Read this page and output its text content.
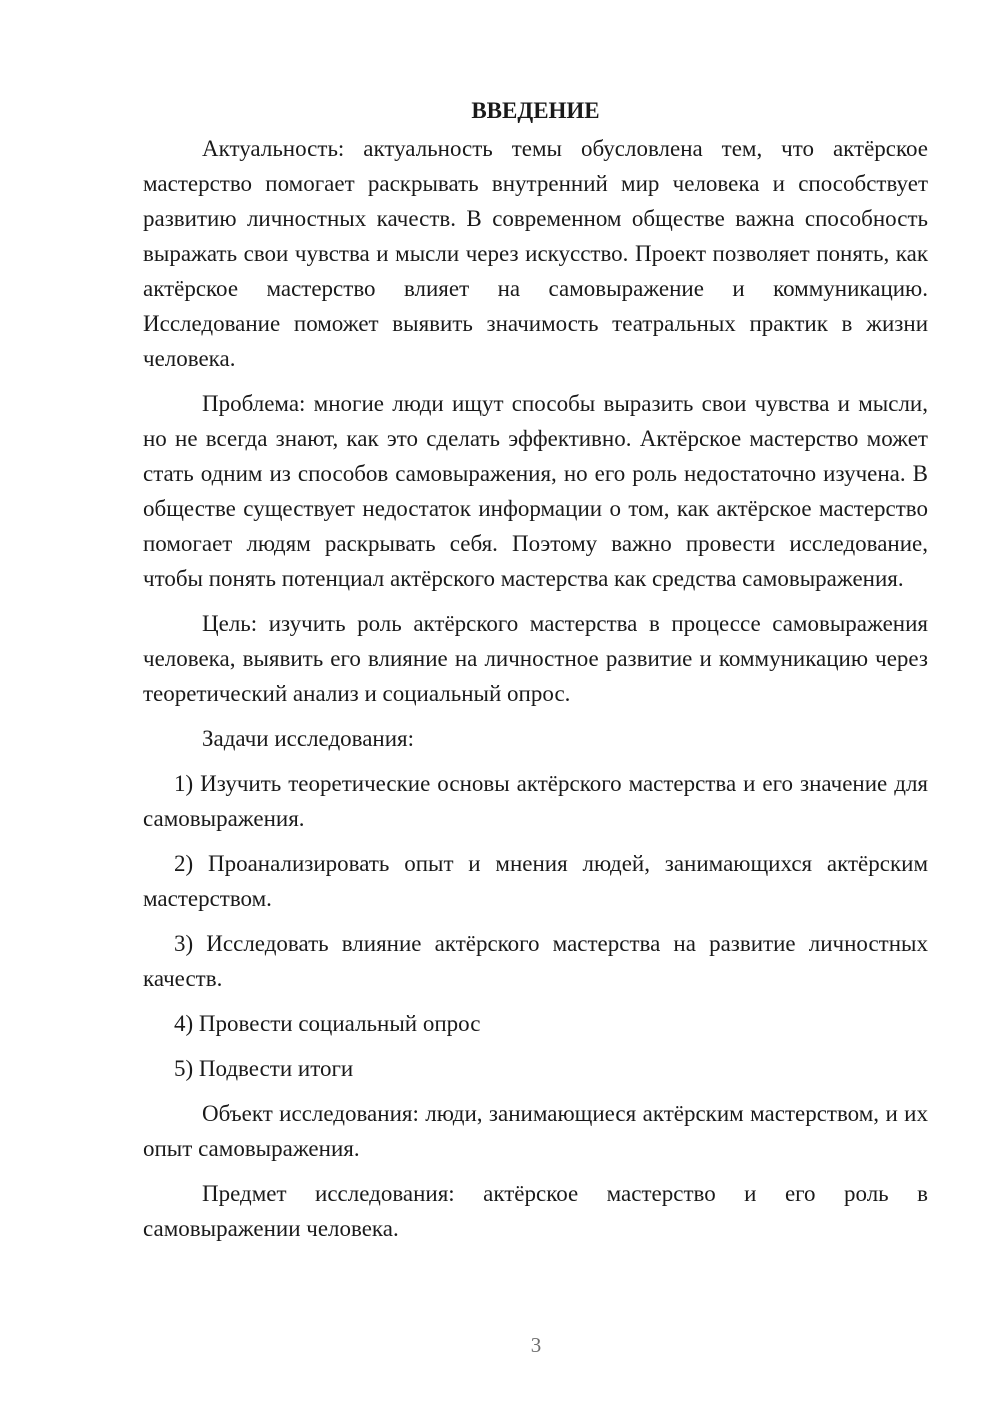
ВВЕДЕНИЕ

Актуальность: актуальность темы обусловлена тем, что актёрское мастерство помогает раскрывать внутренний мир человека и способствует развитию личностных качеств. В современном обществе важна способность выражать свои чувства и мысли через искусство. Проект позволяет понять, как актёрское мастерство влияет на самовыражение и коммуникацию. Исследование поможет выявить значимость театральных практик в жизни человека.

Проблема: многие люди ищут способы выразить свои чувства и мысли, но не всегда знают, как это сделать эффективно. Актёрское мастерство может стать одним из способов самовыражения, но его роль недостаточно изучена. В обществе существует недостаток информации о том, как актёрское мастерство помогает людям раскрывать себя. Поэтому важно провести исследование, чтобы понять потенциал актёрского мастерства как средства самовыражения.

Цель: изучить роль актёрского мастерства в процессе самовыражения человека, выявить его влияние на личностное развитие и коммуникацию через теоретический анализ и социальный опрос.

Задачи исследования:

1) Изучить теоретические основы актёрского мастерства и его значение для самовыражения.

2) Проанализировать опыт и мнения людей, занимающихся актёрским мастерством.

3) Исследовать влияние актёрского мастерства на развитие личностных качеств.

4) Провести социальный опрос

5) Подвести итоги

Объект исследования: люди, занимающиеся актёрским мастерством, и их опыт самовыражения.

Предмет исследования: актёрское мастерство и его роль в самовыражении человека.

3
